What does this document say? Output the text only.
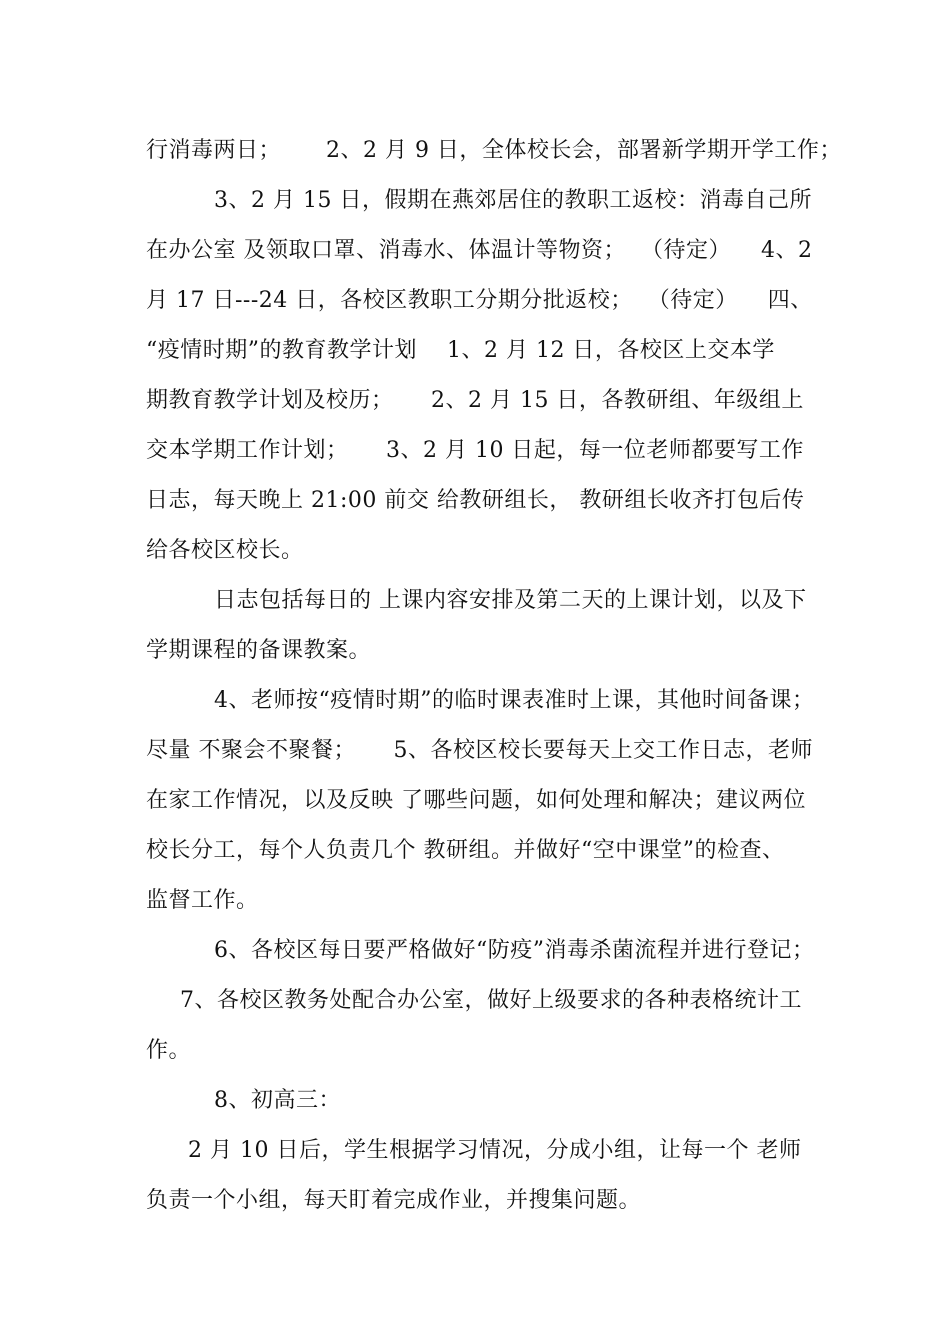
行消毒两日；      2、2 月 9 日，全体校长会，部署新学期开学工作；
3、2 月 15 日，假期在燕郊居住的教职工返校：消毒自己所
在办公室 及领取口罩、消毒水、体温计等物资；  （待定）    4、2
月 17 日---24 日，各校区教职工分期分批返校；  （待定）    四、
“疫情时期”的教育教学计划    1、2 月 12 日，各校区上交本学
期教育教学计划及校历；     2、2 月 15 日，各教研组、年级组上
交本学期工作计划；     3、2 月 10 日起，每一位老师都要写工作
日志，每天晚上 21:00 前交 给教研组长， 教研组长收齐打包后传
给各校区校长。
日志包括每日的 上课内容安排及第二天的上课计划，以及下
学期课程的备课教案。
4、老师按“疫情时期”的临时课表准时上课，其他时间备课；
尽量 不聚会不聚餐；     5、各校区校长要每天上交工作日志，老师
在家工作情况，以及反映 了哪些问题，如何处理和解决；建议两位
校长分工，每个人负责几个 教研组。并做好“空中课堂”的检查、
监督工作。
6、各校区每日要严格做好“防疫”消毒杀菌流程并进行登记；
7、各校区教务处配合办公室，做好上级要求的各种表格统计工
作。
8、初高三：
2 月 10 日后，学生根据学习情况，分成小组，让每一个 老师
负责一个小组，每天盯着完成作业，并搜集问题。
